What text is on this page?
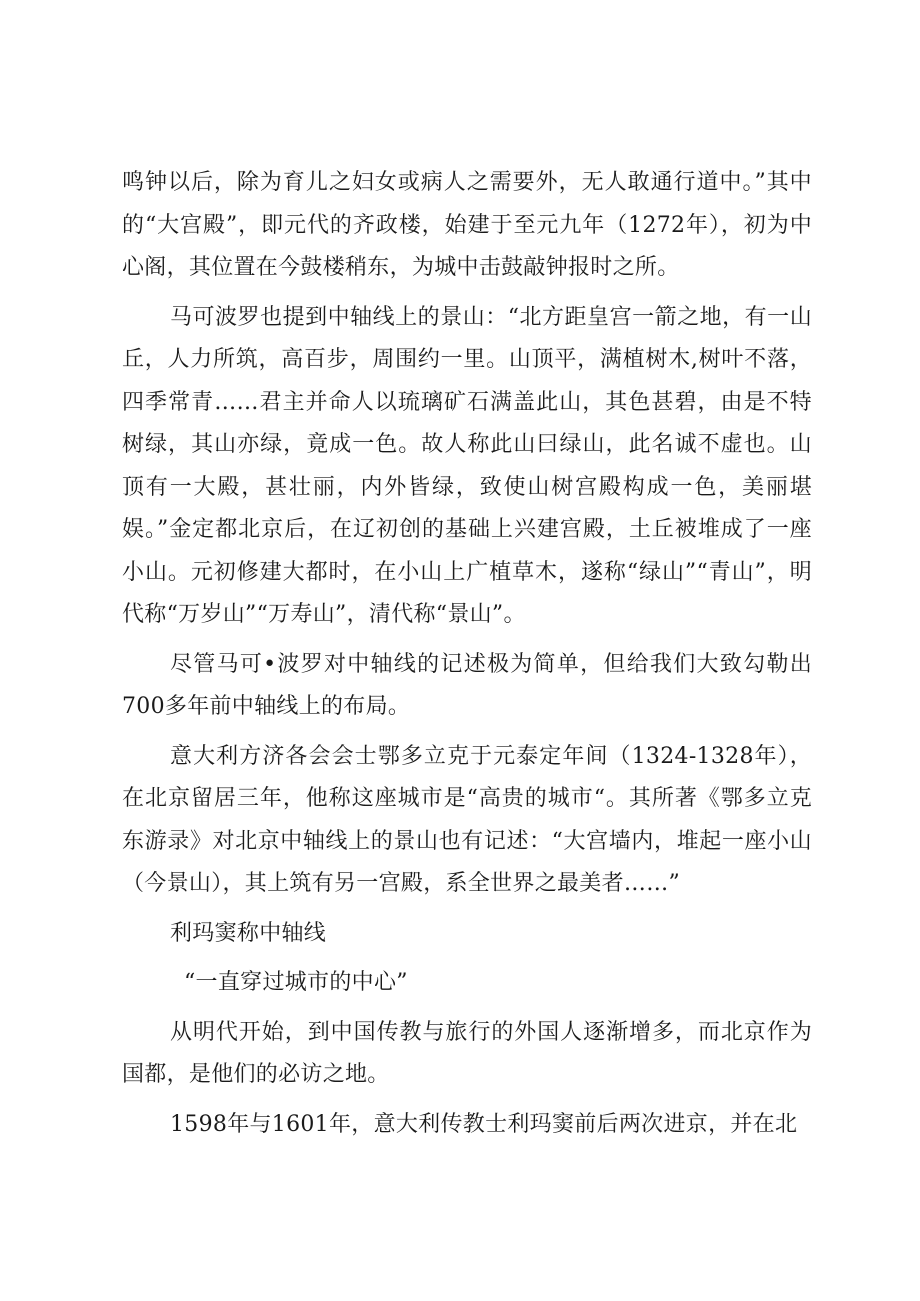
鸣钟以后，除为育儿之妇女或病人之需要外，无人敢通行道中。”其中的“大宫殿”，即元代的齐政楼，始建于至元九年（1272年），初为中心阁，其位置在今鼓楼稍东，为城中击鼓敲钟报时之所。

马可波罗也提到中轴线上的景山：“北方距皇宫一箭之地，有一山丘，人力所筑，高百步，周围约一里。山顶平，满植树木,树叶不落，四季常青……君主并命人以琉璃矿石满盖此山，其色甚碧，由是不特树绿，其山亦绿，竟成一色。故人称此山曰绿山，此名诚不虚也。山顶有一大殿，甚壮丽，内外皆绿，致使山树宫殿构成一色，美丽堪娱。”金定都北京后，在辽初创的基础上兴建宫殿，土丘被堆成了一座小山。元初修建大都时，在小山上广植草木，遂称“绿山”“青山”，明代称“万岁山”“万寿山”，清代称“景山”。

尽管马可•波罗对中轴线的记述极为简单，但给我们大致勾勒出700多年前中轴线上的布局。

意大利方济各会会士鄂多立克于元泰定年间（1324-1328年），在北京留居三年，他称这座城市是“高贵的城市“。其所著《鄂多立克东游录》对北京中轴线上的景山也有记述：“大宫墙内，堆起一座小山（今景山），其上筑有另一宫殿，系全世界之最美者……”

利玛窦称中轴线

“一直穿过城市的中心”

从明代开始，到中国传教与旅行的外国人逐渐增多，而北京作为国都，是他们的必访之地。

1598年与1601年，意大利传教士利玛窦前后两次进京，并在北
